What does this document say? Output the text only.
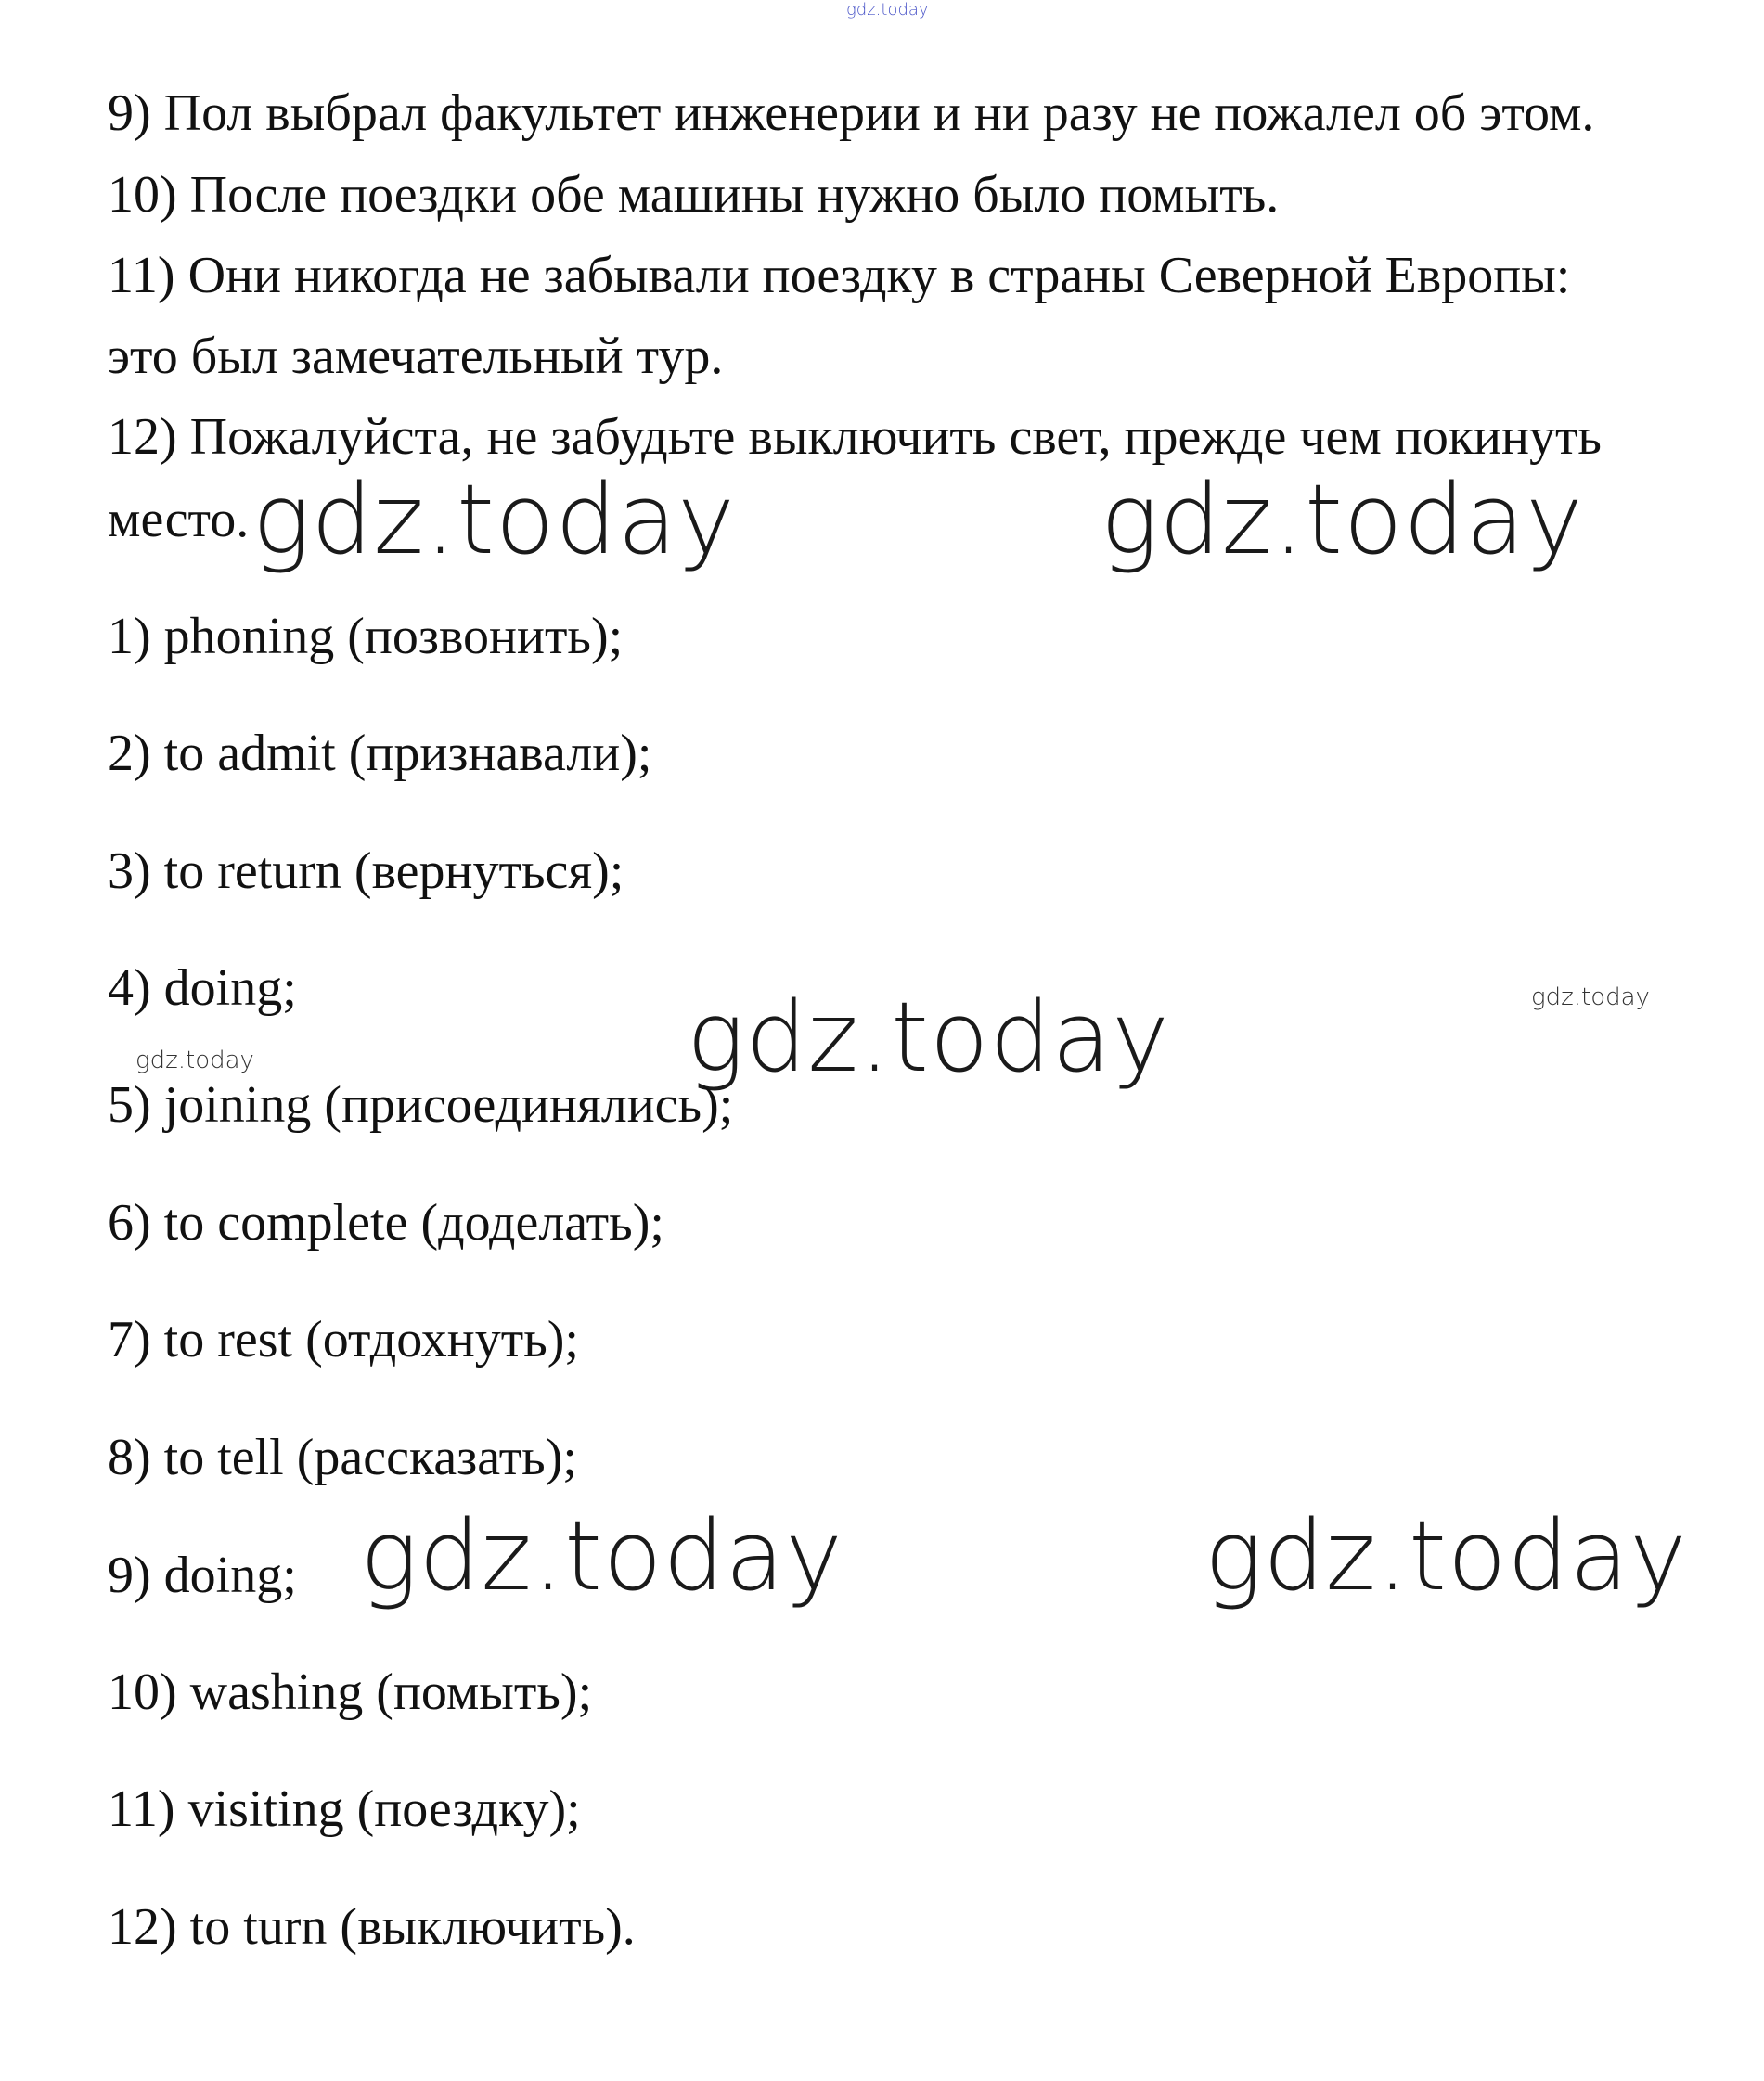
gdz.today
9) Пол выбрал факультет инженерии и ни разу не пожалел об этом.
10) После поездки обе машины нужно было помыть.
11) Они никогда не забывали поездку в страны Северной Европы:
это был замечательный тур.
12) Пожалуйста, не забудьте выключить свет, прежде чем покинуть
место. gdz.today	gdz.today
1) phoning (позвонить);
2) to admit (признавали);
3) to return (вернуться);
4) doing;	gdz.today	gdz.today
gdz.today
5) joining (присоединялись);
6) to complete (доделать);
7) to rest (отдохнуть);
8) to tell (рассказать);
9) doing; gdz.today	gdz.today
10) washing (помыть);
11) visiting (поездку);
12) to turn (выключить).
